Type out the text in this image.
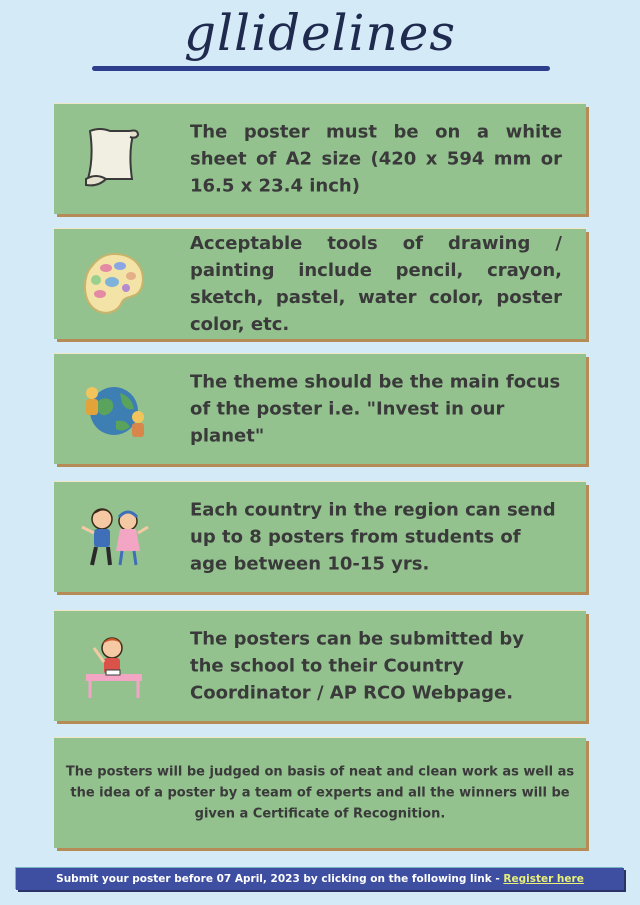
gllidelines
The poster must be on a white sheet of A2 size (420 x 594 mm or 16.5 x 23.4 inch)
Acceptable tools of drawing / painting include pencil, crayon, sketch, pastel, water color, poster color, etc.
The theme should be the main focus of the poster i.e. "Invest in our planet"
Each country in the region can send up to 8 posters from students of age between 10-15 yrs.
The posters can be submitted by the school to their Country Coordinator / AP RCO Webpage.
The posters will be judged on basis of neat and clean work as well as the idea of a poster by a team of experts and all the winners will be given a Certificate of Recognition.
Submit your poster before 07 April, 2023 by clicking on the following link - Register here
